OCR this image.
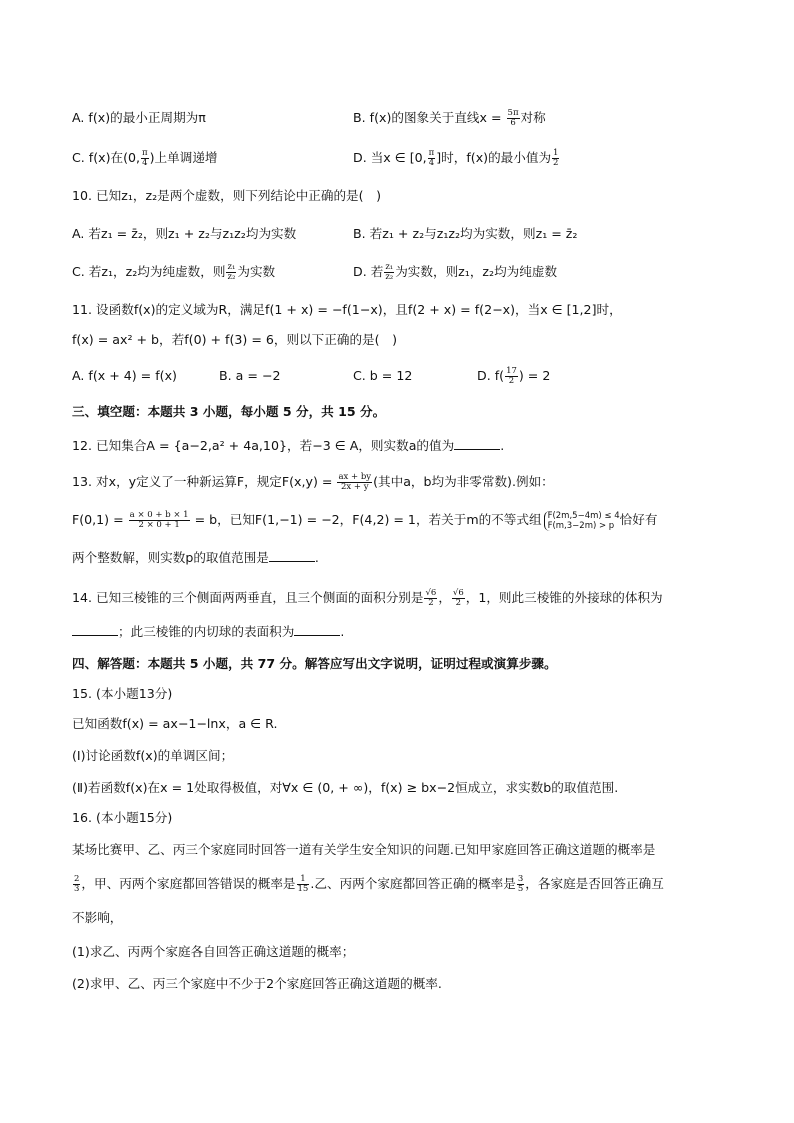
A. f(x)的最小正周期为π	B. f(x)的图象关于直线$x = \frac{5\pi}{6}$ 对称
C. f(x)在(0, $\frac{\pi}{4}$ )上单调递增	D. 当x ∈ [0, $\frac{\pi}{4}$ ]时，f(x)的最小值为 $\frac{1}{2}$
10. 已知z₁，z₂是两个虚数，则下列结论中正确的是(　)
A. 若z₁ = z̄₂，则z₁ + z₂与z₁z₂均为实数	B. 若z₁ + z₂与z₁z₂均为实数，则z₁ = z̄₂
C. 若z₁，z₂均为纯虚数，则 $\frac{\text{z₁}}{\text{z₂}}$ 为实数	D. 若 $\frac{\text{z₁}}{\text{z₂}}$ 为实数，则z₁，z₂均为纯虚数
11. 设函数f(x)的定义域为R，满足f(1 + x) = −f(1−x)，且f(2 + x) = f(2−x)，当x ∈ [1,2]时，
f(x) = ax² + b，若f(0) + f(3) = 6，则以下正确的是(　)
A. f(x + 4) = f(x)	B. a = −2	C. b = 12	D. $f( \frac{17}{2}$ ) = 2
三、填空题：本题共 3 小题，每小题 5 分，共 15 分。
12. 已知集合A = {a−2,a² + 4a,10}，若−3 ∈ A，则实数a的值为	.
13. 对x，y定义了一种新运算F，规定$F(x,y) = \frac{ax + by}{2x + y}$ (其中a，b均为非零常数).例如：
$F(0,1) = \frac{a \times 0 + b \times 1}{2 \times 0 + 1} = b$，已知F(1,−1) = −2，F(4,2) = 1，若关于m的不等式组 F(2m,5−4m) ≤ 4
F(m,3−2m) > p 恰好有
两个整数解，则实数p的取值范围是	.
14. 已知三棱锥的三个侧面两两垂直，且三个侧面的面积分别是 $\frac{√6}{2}$ ， $\frac{√6}{2}$ ，1，则此三棱锥的外接球的体积为
；此三棱锥的内切球的表面积为	.
四、解答题：本题共 5 小题，共 77 分。解答应写出文字说明，证明过程或演算步骤。
15. (本小题13分)
已知函数f(x) = ax−1−lnx，a ∈ R.
(Ⅰ)讨论函数f(x)的单调区间；
(Ⅱ)若函数f(x)在x = 1处取得极值，对∀x ∈ (0, + ∞)，f(x) ≥ bx−2恒成立，求实数b的取值范围.
16. (本小题15分)
某场比赛甲、乙、丙三个家庭同时回答一道有关学生安全知识的问题.已知甲家庭回答正确这道题的概率是
$\frac{2}{3}$ ，甲、丙两个家庭都回答错误的概率是 $\frac{1}{15}$ .乙、丙两个家庭都回答正确的概率是 $\frac{3}{5}$ ，各家庭是否回答正确互
不影响，
(1)求乙、丙两个家庭各自回答正确这道题的概率；
(2)求甲、乙、丙三个家庭中不少于2个家庭回答正确这道题的概率.
